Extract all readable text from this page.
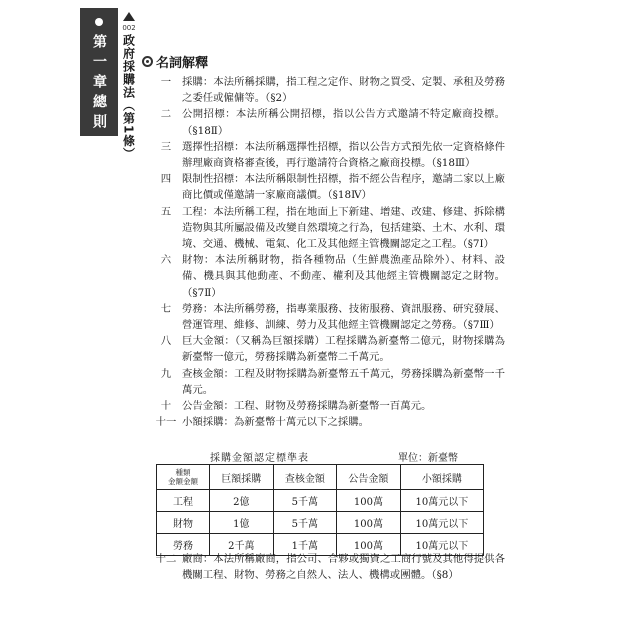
第一章總則
002
政府採購法（第1條） 名詞解釋
一	採購：本法所稱採購，指工程之定作、財物之買受、定製、承租及勞務之委任或僱傭等。（§2）
二	公開招標：本法所稱公開招標，指以公告方式邀請不特定廠商投標。（§18Ⅱ）
三	選擇性招標：本法所稱選擇性招標，指以公告方式預先依一定資格條件辦理廠商資格審查後，再行邀請符合資格之廠商投標。（§18Ⅲ）
四	限制性招標：本法所稱限制性招標，指不經公告程序，邀請二家以上廠商比價或僅邀請一家廠商議價。（§18Ⅳ）
五	工程：本法所稱工程，指在地面上下新建、增建、改建、修建、拆除構造物與其所屬設備及改變自然環境之行為，包括建築、土木、水利、環境、交通、機械、電氣、化工及其他經主管機關認定之工程。（§7Ⅰ）
六	財物：本法所稱財物，指各種物品（生鮮農漁產品除外）、材料、設備、機具與其他動產、不動產、權利及其他經主管機關認定之財物。（§7Ⅱ）
七	勞務：本法所稱勞務，指專業服務、技術服務、資訊服務、研究發展、營運管理、維修、訓練、勞力及其他經主管機關認定之勞務。（§7Ⅲ）
八	巨大金額：（又稱為巨額採購）工程採購為新臺幣二億元，財物採購為新臺幣一億元，勞務採購為新臺幣二千萬元。
九	查核金額：工程及財物採購為新臺幣五千萬元，勞務採購為新臺幣一千萬元。
十	公告金額：工程、財物及勞務採購為新臺幣一百萬元。
十一 小額採購：為新臺幣十萬元以下之採購。
採購金額認定標準表	單位：新臺幣
種類
金額金額	巨額採購	查核金額	公告金額	小額採購
工程	2億	5千萬	100萬	10萬元以下
財物	1億	5千萬	100萬	10萬元以下
勞務	2千萬	1千萬	100萬	10萬元以下
十二 廠商：本法所稱廠商，指公司、合夥或獨資之工商行號及其他得提供各機關工程、財物、勞務之自然人、法人、機構或團體。（§8）
